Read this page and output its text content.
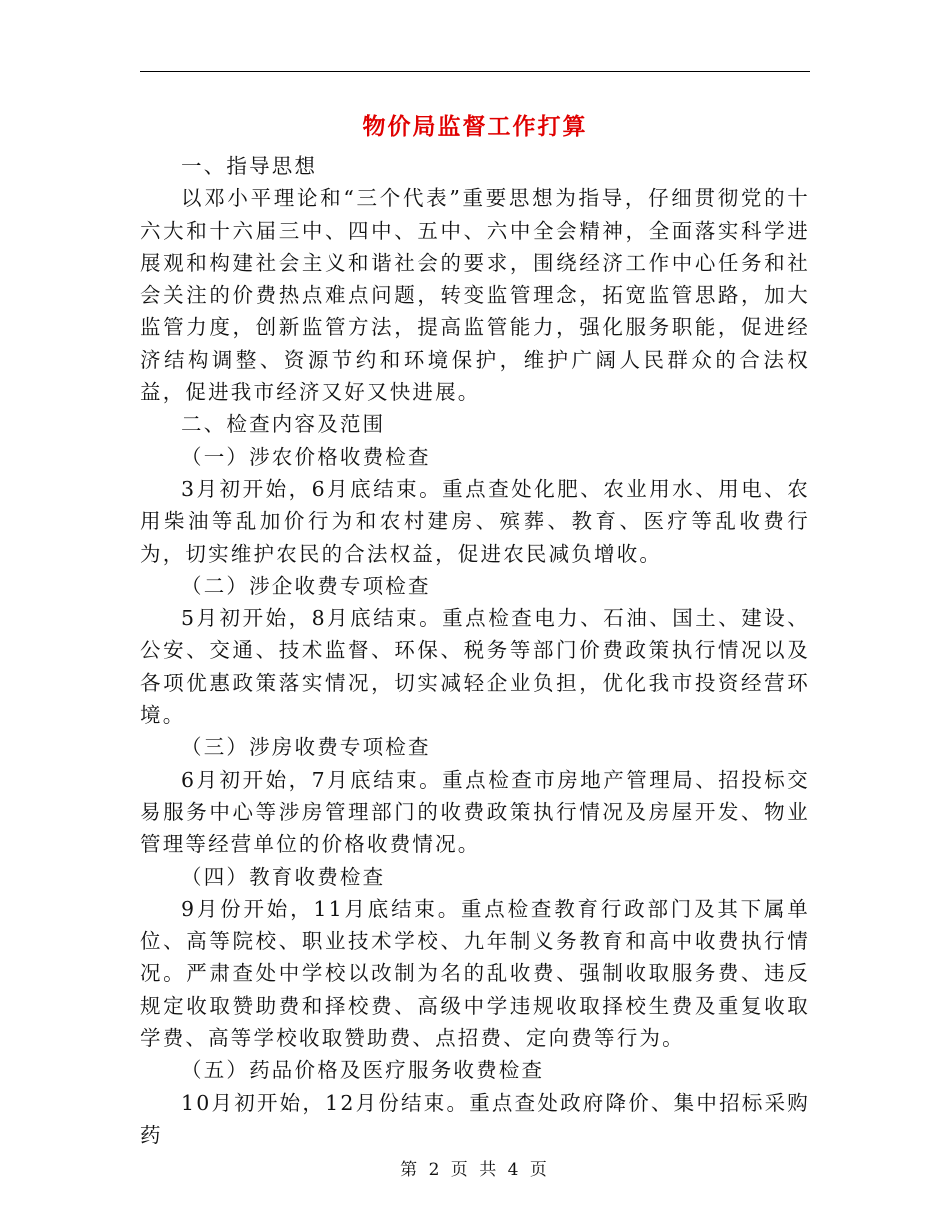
物价局监督工作打算

一、指导思想

以邓小平理论和“三个代表”重要思想为指导，仔细贯彻党的十六大和十六届三中、四中、五中、六中全会精神，全面落实科学进展观和构建社会主义和谐社会的要求，围绕经济工作中心任务和社会关注的价费热点难点问题，转变监管理念，拓宽监管思路，加大监管力度，创新监管方法，提高监管能力，强化服务职能，促进经济结构调整、资源节约和环境保护，维护广阔人民群众的合法权益，促进我市经济又好又快进展。

二、检查内容及范围

（一）涉农价格收费检查

3月初开始，6月底结束。重点查处化肥、农业用水、用电、农用柴油等乱加价行为和农村建房、殡葬、教育、医疗等乱收费行为，切实维护农民的合法权益，促进农民减负增收。

（二）涉企收费专项检查

5月初开始，8月底结束。重点检查电力、石油、国土、建设、公安、交通、技术监督、环保、税务等部门价费政策执行情况以及各项优惠政策落实情况，切实减轻企业负担，优化我市投资经营环境。

（三）涉房收费专项检查

6月初开始，7月底结束。重点检查市房地产管理局、招投标交易服务中心等涉房管理部门的收费政策执行情况及房屋开发、物业管理等经营单位的价格收费情况。

（四）教育收费检查

9月份开始，11月底结束。重点检查教育行政部门及其下属单位、高等院校、职业技术学校、九年制义务教育和高中收费执行情况。严肃查处中学校以改制为名的乱收费、强制收取服务费、违反规定收取赞助费和择校费、高级中学违规收取择校生费及重复收取学费、高等学校收取赞助费、点招费、定向费等行为。

（五）药品价格及医疗服务收费检查

10月初开始，12月份结束。重点查处政府降价、集中招标采购药

第 2 页 共 4 页
